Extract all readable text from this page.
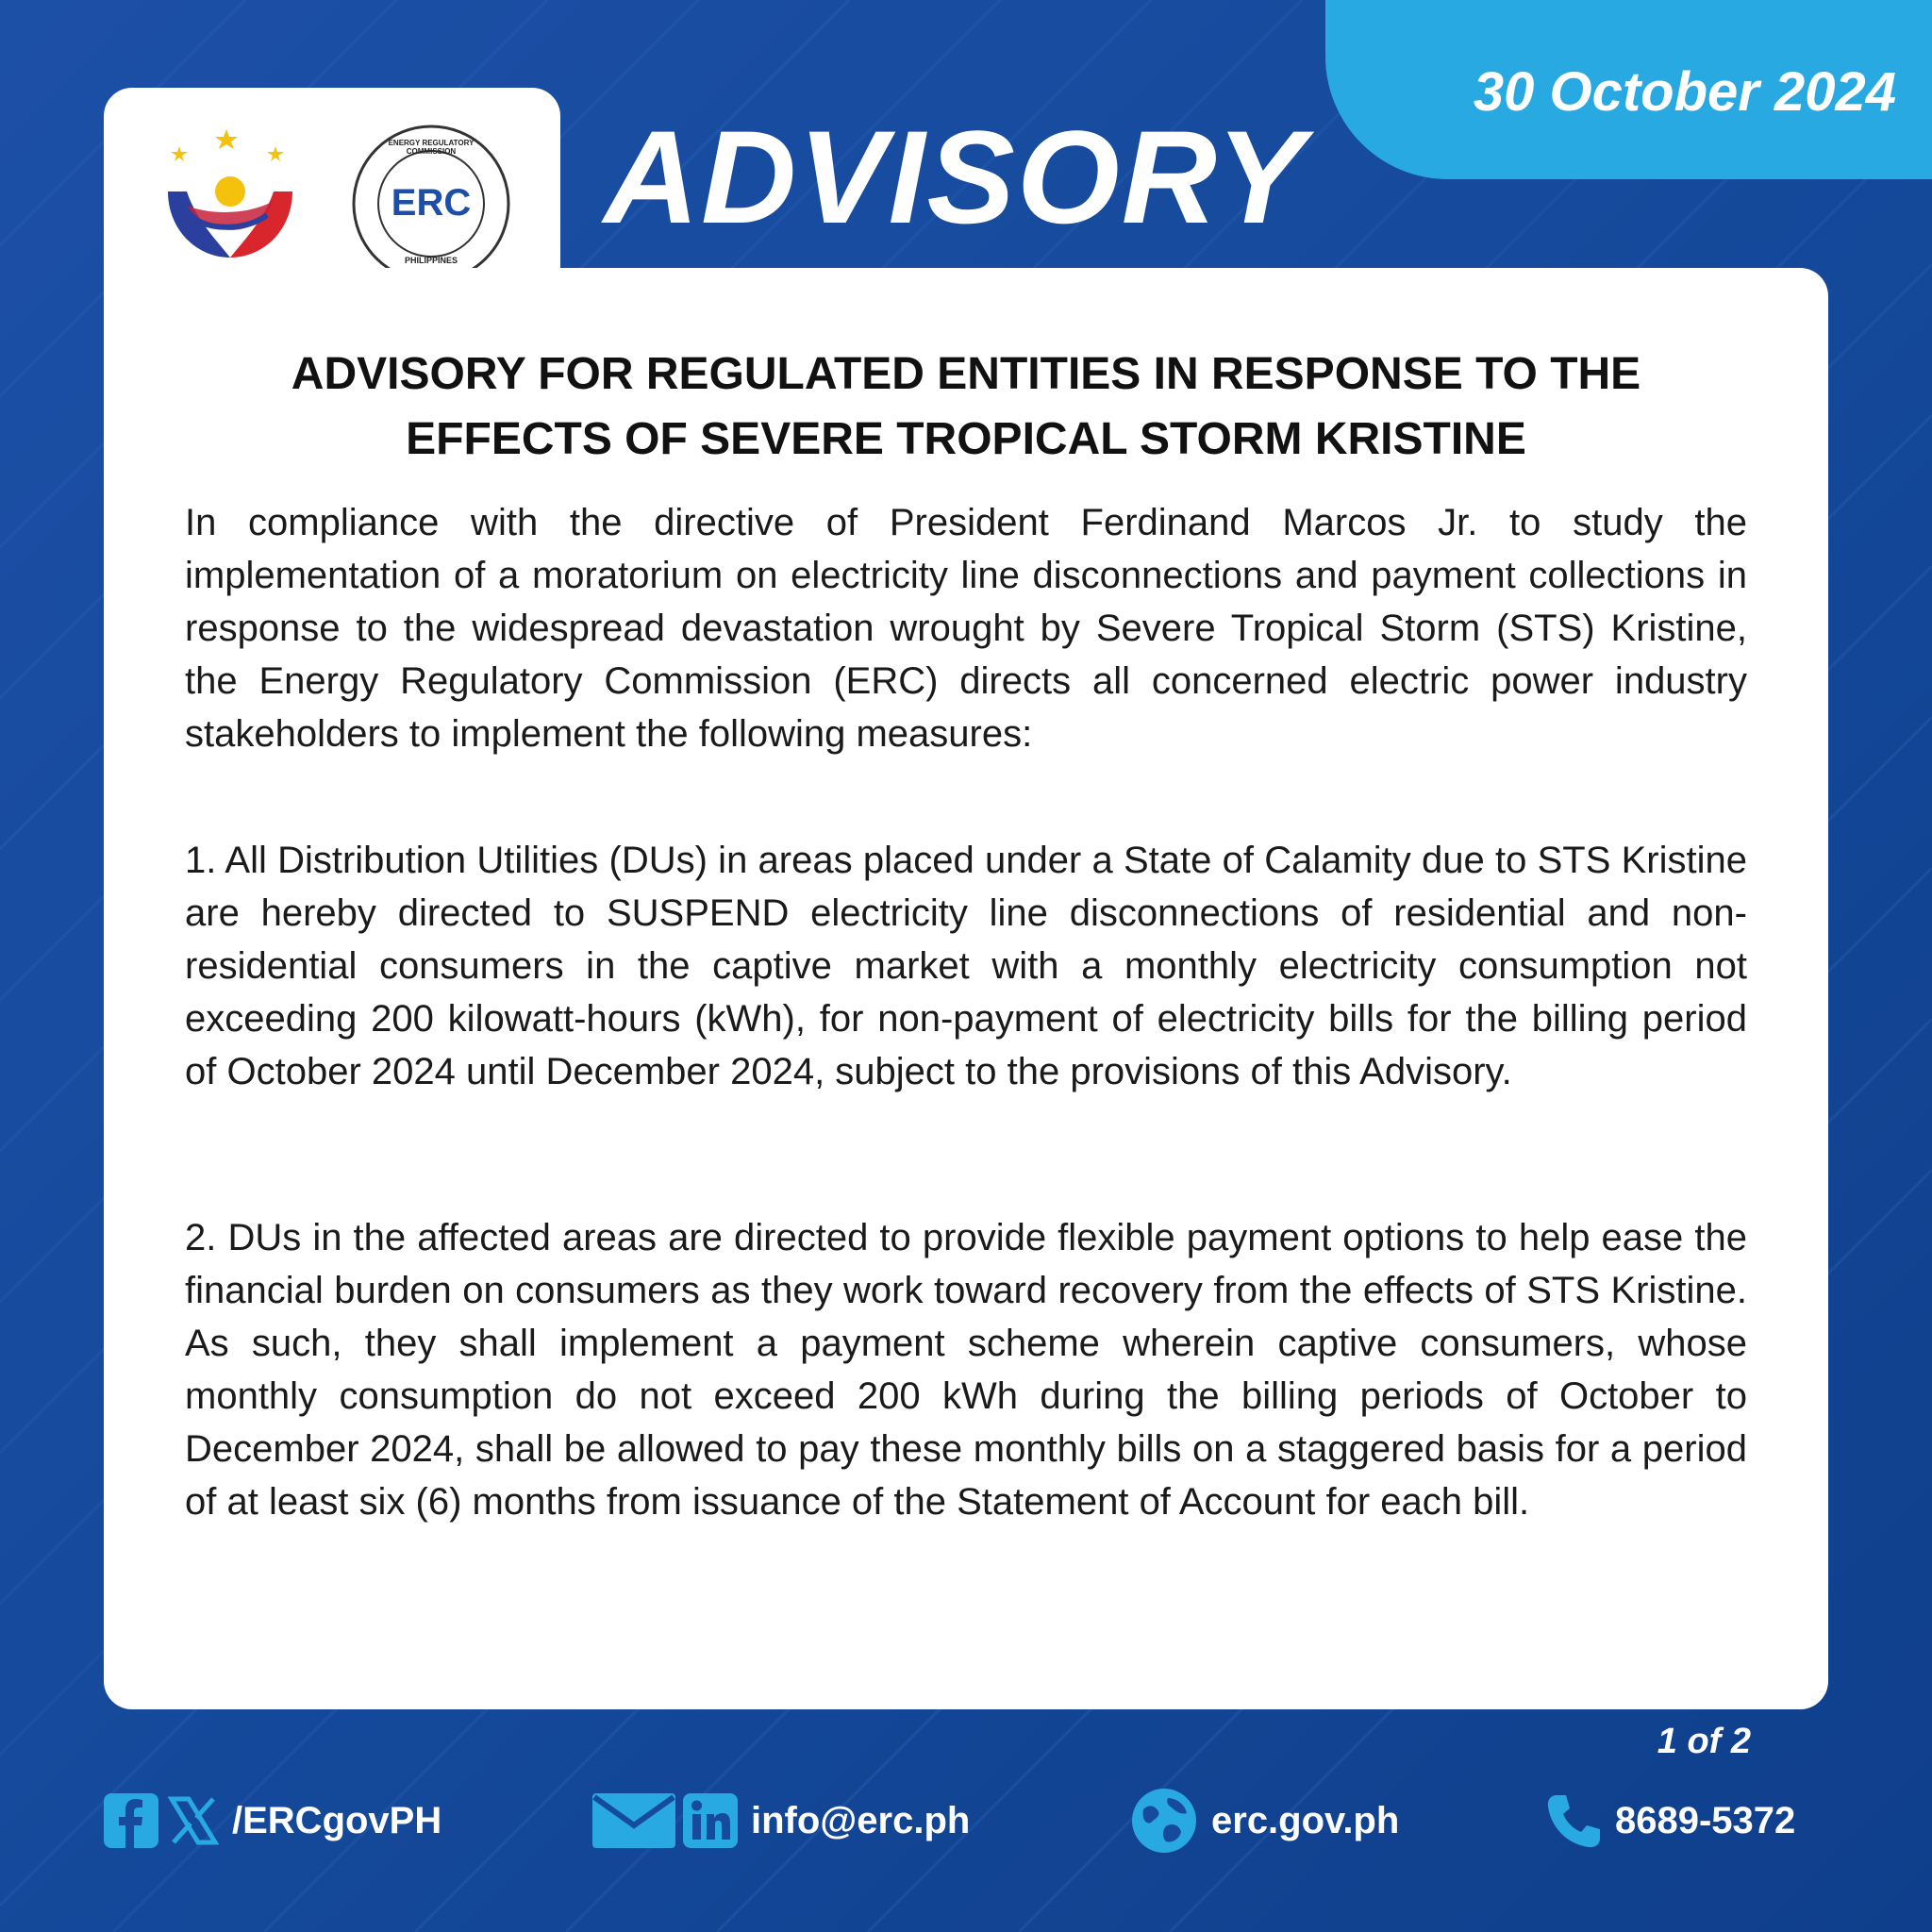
30 October 2024
ENERGY REGULATORY COMMISSION
ERC
PHILIPPINES
ADVISORY
ADVISORY FOR REGULATED ENTITIES IN RESPONSE TO THE EFFECTS OF SEVERE TROPICAL STORM KRISTINE

In compliance with the directive of President Ferdinand Marcos Jr. to study the implementation of a moratorium on electricity line disconnections and payment collections in response to the widespread devastation wrought by Severe Tropical Storm (STS) Kristine, the Energy Regulatory Commission (ERC) directs all concerned electric power industry stakeholders to implement the following measures:

1. All Distribution Utilities (DUs) in areas placed under a State of Calamity due to STS Kristine are hereby directed to SUSPEND electricity line disconnections of residential and non-residential consumers in the captive market with a monthly electricity consumption not exceeding 200 kilowatt-hours (kWh), for non-payment of electricity bills for the billing period of October 2024 until December 2024, subject to the provisions of this Advisory.

2. DUs in the affected areas are directed to provide flexible payment options to help ease the financial burden on consumers as they work toward recovery from the effects of STS Kristine. As such, they shall implement a payment scheme wherein captive consumers, whose monthly consumption do not exceed 200 kWh during the billing periods of October to December 2024, shall be allowed to pay these monthly bills on a staggered basis for a period of at least six (6) months from issuance of the Statement of Account for each bill.

1 of 2
/ERCgovPH	info@erc.ph	erc.gov.ph	8689-5372
